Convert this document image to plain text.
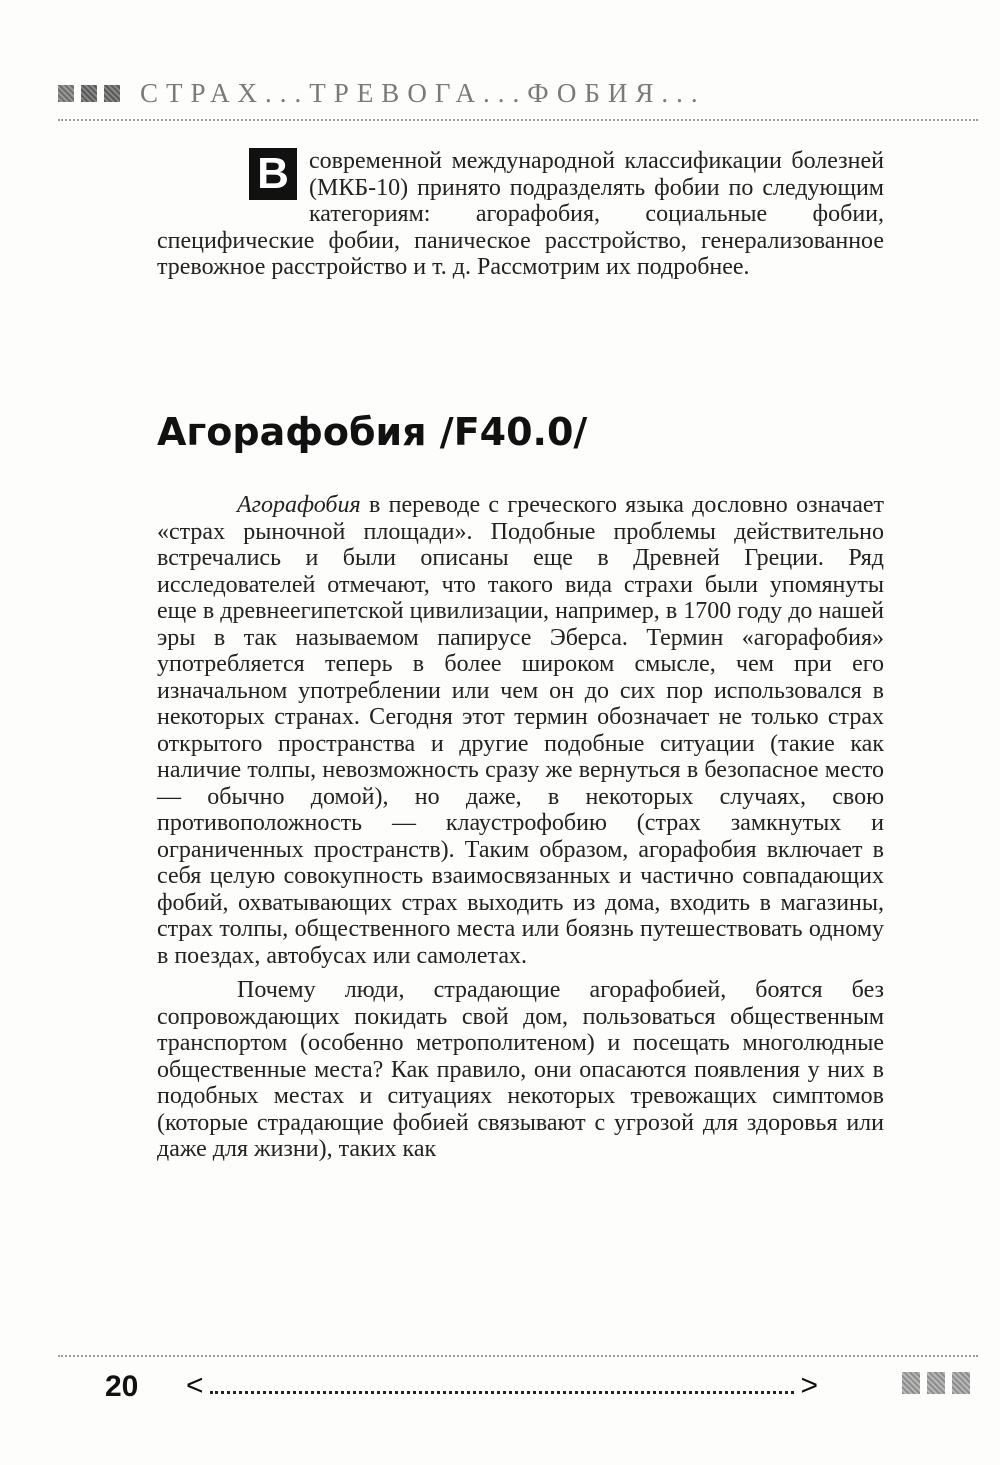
СТРАХ...ТРЕВОГА...ФОБИЯ...
В современной международной классификации болезней (МКБ-10) принято подразделять фобии по следующим категориям: агорафобия, социальные фобии, специфические фобии, паническое расстройство, генерализованное тревожное расстройство и т. д. Рассмотрим их подробнее.
Агорафобия /F40.0/

Агорафобия в переводе с греческого языка дословно означает «страх рыночной площади». Подобные проблемы действительно встречались и были описаны еще в Древней Греции. Ряд исследователей отмечают, что такого вида страхи были упомянуты еще в древнеегипетской цивилизации, например, в 1700 году до нашей эры в так называемом папирусе Эберса. Термин «агорафобия» употребляется теперь в более широком смысле, чем при его изначальном употреблении или чем он до сих пор использовался в некоторых странах. Сегодня этот термин обозначает не только страх открытого пространства и другие подобные ситуации (такие как наличие толпы, невозможность сразу же вернуться в безопасное место — обычно домой), но даже, в некоторых случаях, свою противоположность — клаустрофобию (страх замкнутых и ограниченных пространств). Таким образом, агорафобия включает в себя целую совокупность взаимосвязанных и частично совпадающих фобий, охватывающих страх выходить из дома, входить в магазины, страх толпы, общественного места или боязнь путешествовать одному в поездах, автобусах или самолетах.

Почему люди, страдающие агорафобией, боятся без сопровождающих покидать свой дом, пользоваться общественным транспортом (особенно метрополитеном) и посещать многолюдные общественные места? Как правило, они опасаются появления у них в подобных местах и ситуациях некоторых тревожащих симптомов (которые страдающие фобией связывают с угрозой для здоровья или даже для жизни), таких как

20 <	>
